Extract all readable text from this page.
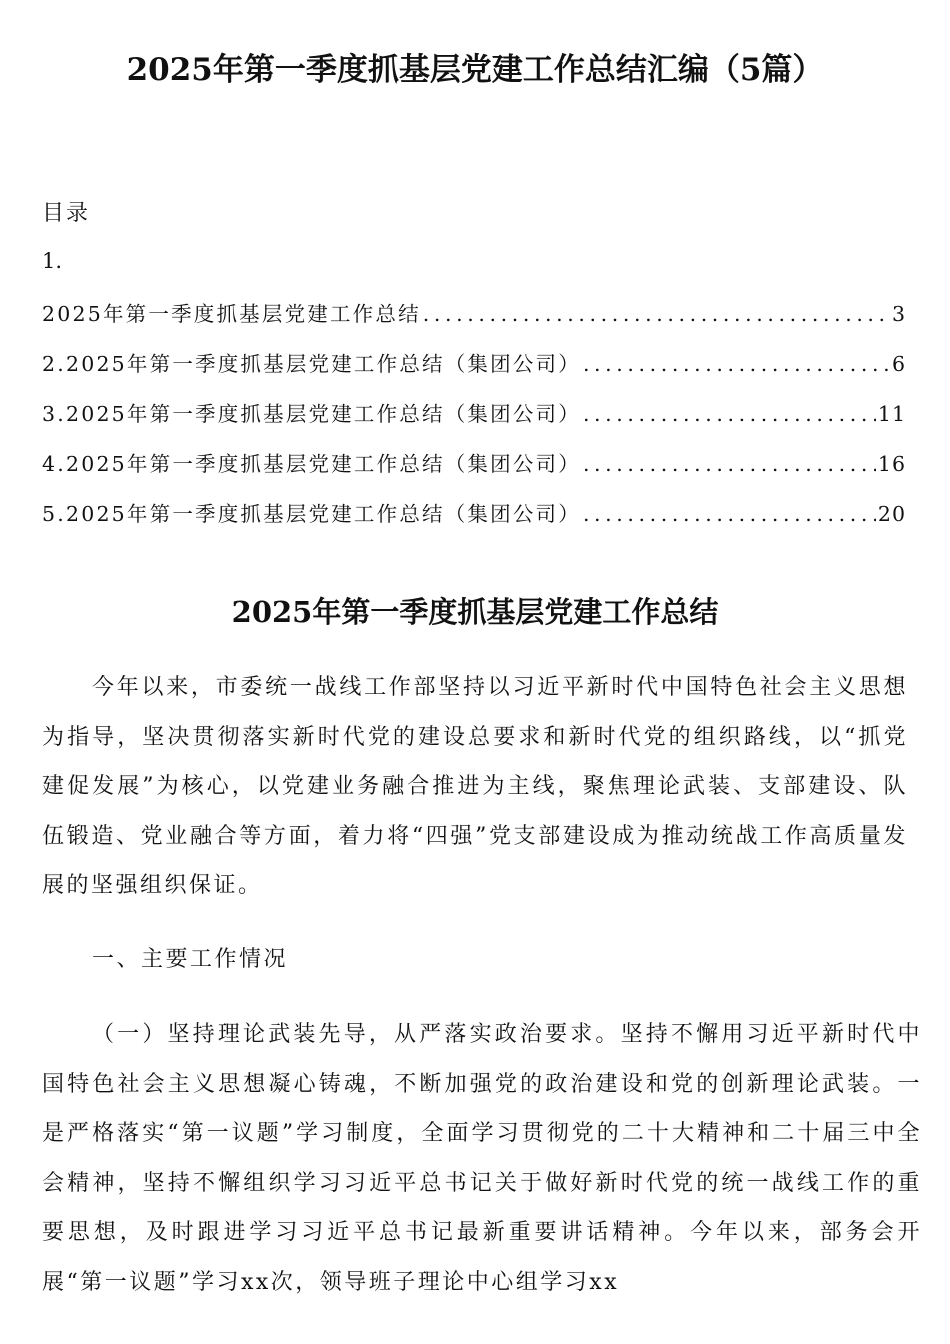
2025年第一季度抓基层党建工作总结汇编（5篇）
目录
1.
2025年第一季度抓基层党建工作总结 .....	3
2.2025年第一季度抓基层党建工作总结（集团公司） .....	6
3.2025年第一季度抓基层党建工作总结（集团公司） .....	11
4.2025年第一季度抓基层党建工作总结（集团公司） .....	16
5.2025年第一季度抓基层党建工作总结（集团公司） .....	20
2025年第一季度抓基层党建工作总结
今年以来，市委统一战线工作部坚持以习近平新时代中国特色社会主义思想为指导，坚决贯彻落实新时代党的建设总要求和新时代党的组织路线，以“抓党建促发展”为核心，以党建业务融合推进为主线，聚焦理论武装、支部建设、队伍锻造、党业融合等方面，着力将“四强”党支部建设成为推动统战工作高质量发展的坚强组织保证。
一、主要工作情况
（一）坚持理论武装先导，从严落实政治要求。坚持不懈用习近平新时代中国特色社会主义思想凝心铸魂，不断加强党的政治建设和党的创新理论武装。一是严格落实“第一议题”学习制度，全面学习贯彻党的二十大精神和二十届三中全会精神，坚持不懈组织学习习近平总书记关于做好新时代党的统一战线工作的重要思想，及时跟进学习习近平总书记最新重要讲话精神。今年以来，部务会开展“第一议题”学习xx次，领导班子理论中心组学习xx
